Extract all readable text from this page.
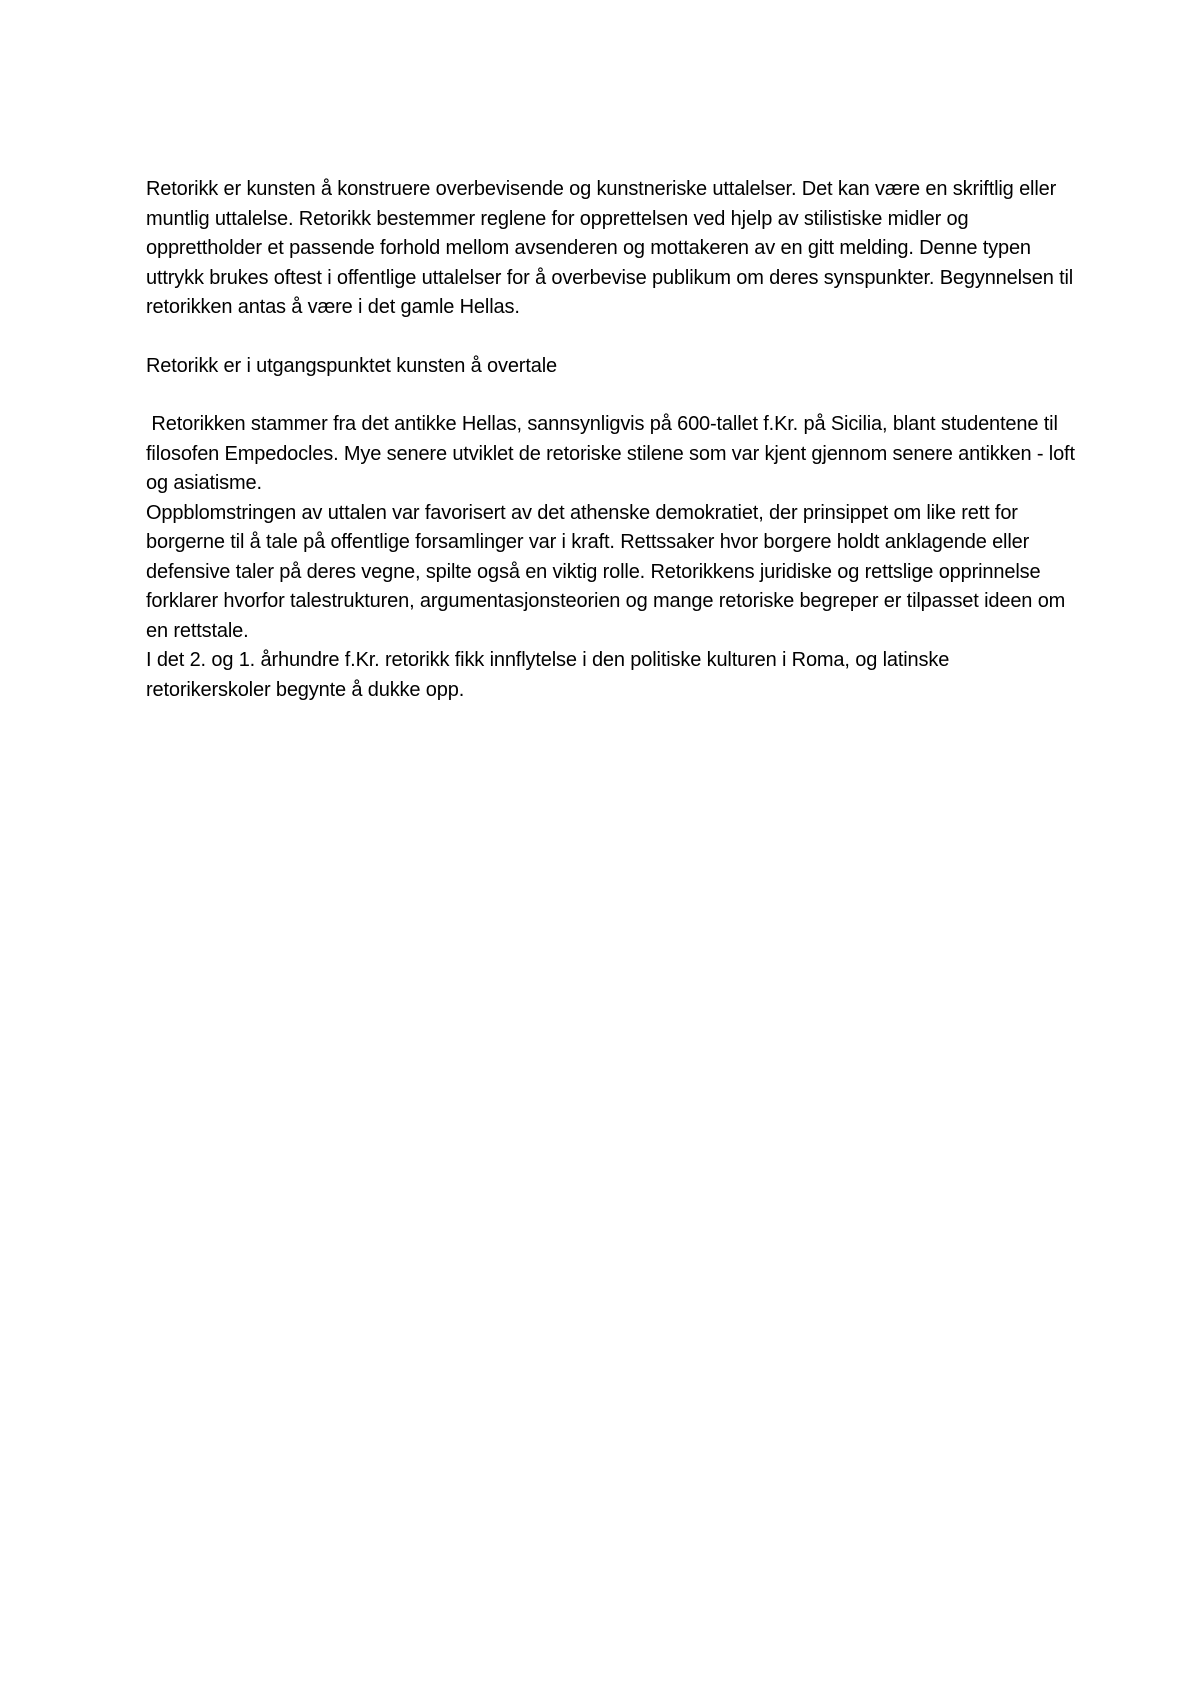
Retorikk er kunsten å konstruere overbevisende og kunstneriske uttalelser. Det kan være en skriftlig eller muntlig uttalelse. Retorikk bestemmer reglene for opprettelsen ved hjelp av stilistiske midler og opprettholder et passende forhold mellom avsenderen og mottakeren av en gitt melding. Denne typen uttrykk brukes oftest i offentlige uttalelser for å overbevise publikum om deres synspunkter. Begynnelsen til retorikken antas å være i det gamle Hellas.

Retorikk er i utgangspunktet kunsten å overtale

Retorikken stammer fra det antikke Hellas, sannsynligvis på 600-tallet f.Kr. på Sicilia, blant studentene til filosofen Empedocles. Mye senere utviklet de retoriske stilene som var kjent gjennom senere antikken - loft og asiatisme.

Oppblomstringen av uttalen var favorisert av det athenske demokratiet, der prinsippet om like rett for borgerne til å tale på offentlige forsamlinger var i kraft. Rettssaker hvor borgere holdt anklagende eller defensive taler på deres vegne, spilte også en viktig rolle. Retorikkens juridiske og rettslige opprinnelse forklarer hvorfor talestrukturen, argumentasjonsteorien og mange retoriske begreper er tilpasset ideen om en rettstale.

I det 2. og 1. århundre f.Kr. retorikk fikk innflytelse i den politiske kulturen i Roma, og latinske retorikerskoler begynte å dukke opp.
